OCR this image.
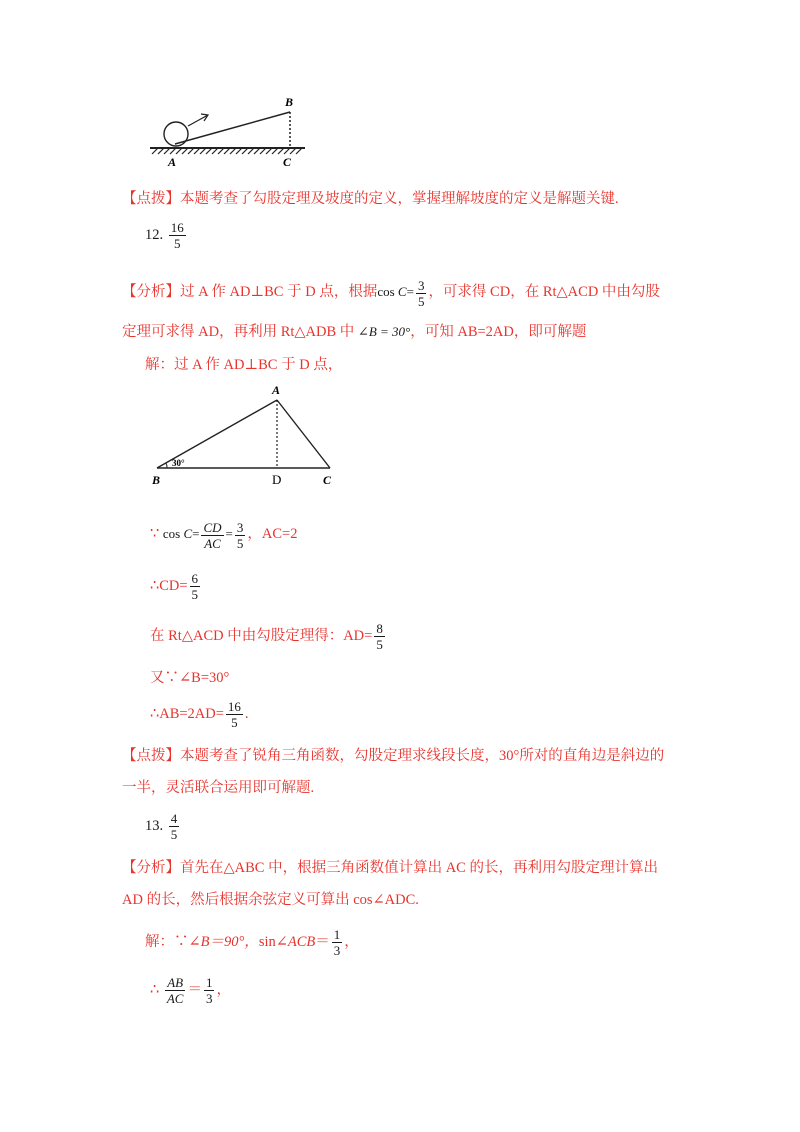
A
B
C
【点拨】本题考查了勾股定理及坡度的定义，掌握理解坡度的定义是解题关键.
12. $\frac{16}{5}$
【分析】过 A 作 AD⊥BC 于 D 点，根据$\cos C= \frac{3}{5}$ ，可求得 CD，在 Rt△ACD 中由勾股
定理可求得 AD，再利用 Rt△ADB 中 ∠B = 30°，可知 AB=2AD，即可解题
解：过 A 作 AD⊥BC 于 D 点，
30°
A
B	C
D
∵ $\cos C= \frac{CD}{AC} = \frac{3}{5}$ ，AC=2
∴CD= $\frac{6}{5}$
在 Rt△ACD 中由勾股定理得：$AD= \frac{8}{5}$
又∵∠B=30°
∴AB=2AD= $\frac{16}{5}$ .
【点拨】本题考查了锐角三角函数，勾股定理求线段长度，30°所对的直角边是斜边的
一半，灵活联合运用即可解题.
13. $\frac{4}{5}$
【分析】首先在△ABC 中，根据三角函数值计算出 AC 的长，再利用勾股定理计算出
AD 的长，然后根据余弦定义可算出 cos∠ADC.
解：∵∠B＝90°，sin∠ACB＝ $\frac{1}{3}$ ，
∴ $\frac{AB}{AC} = \frac{1}{3}$ ，
